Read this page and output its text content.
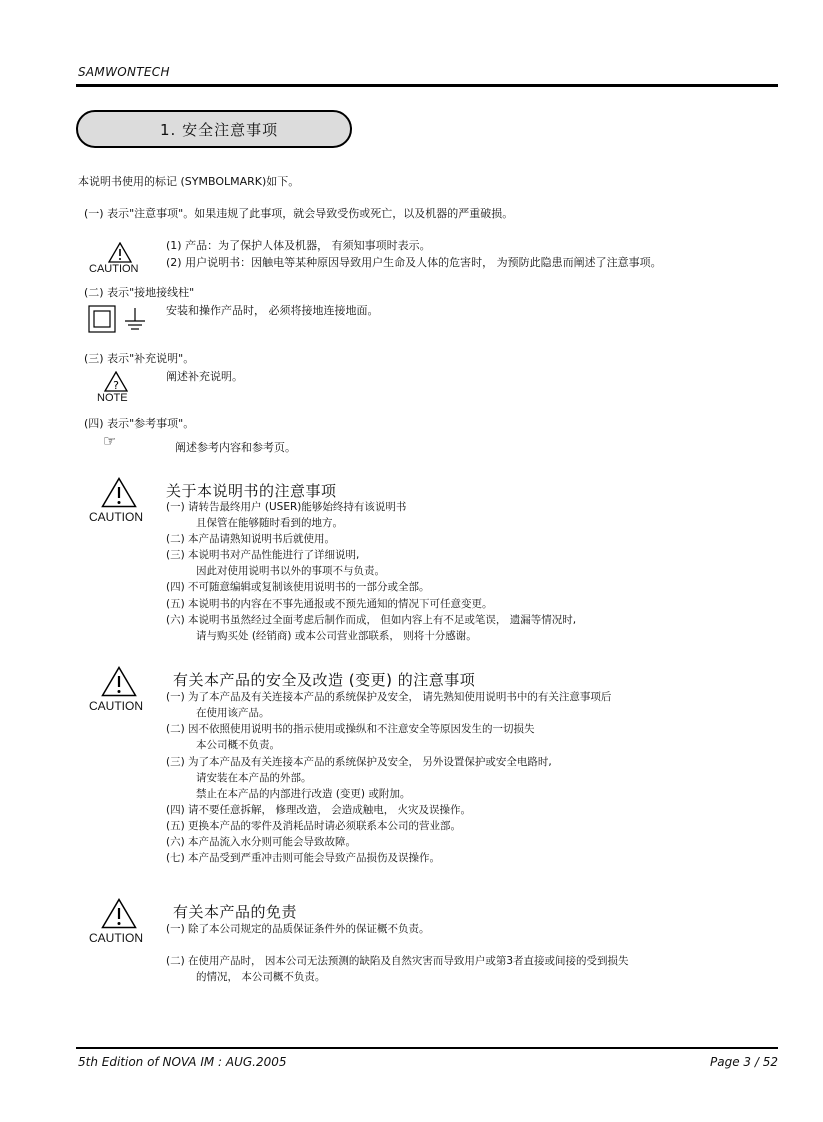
SAMWONTECH
1. 安全注意事项
本说明书使用的标记 (SYMBOLMARK)如下。
(一) 表示"注意事项"。如果违规了此事项，就会导致受伤或死亡，以及机器的严重破损。
CAUTION
(1) 产品：为了保护人体及机器， 有须知事项时表示。
(2) 用户说明书：因触电等某种原因导致用户生命及人体的危害时， 为预防此隐患而阐述了注意事项。
(二) 表示"接地接线柱"
安装和操作产品时， 必须将接地连接地面。
(三) 表示"补充说明"。
?
NOTE
阐述补充说明。
(四) 表示"参考事项"。
☞	阐述参考内容和参考页。
CAUTION
关于本说明书的注意事项
(一) 请转告最终用户 (USER)能够始终持有该说明书
且保管在能够随时看到的地方。
(二) 本产品请熟知说明书后就使用。
(三) 本说明书对产品性能进行了详细说明,
因此对使用说明书以外的事项不与负责。
(四) 不可随意编辑或复制该使用说明书的一部分或全部。
(五) 本说明书的内容在不事先通报或不预先通知的情况下可任意变更。
(六) 本说明书虽然经过全面考虑后制作而成， 但如内容上有不足或笔误， 遗漏等情况时,
请与购买处 (经销商) 或本公司营业部联系， 则将十分感谢。
CAUTION
有关本产品的安全及改造 (变更) 的注意事项
(一) 为了本产品及有关连接本产品的系统保护及安全， 请先熟知使用说明书中的有关注意事项后
在使用该产品。
(二) 因不依照使用说明书的指示使用或操纵和不注意安全等原因发生的一切损失
本公司概不负责。
(三) 为了本产品及有关连接本产品的系统保护及安全， 另外设置保护或安全电路时,
请安装在本产品的外部。
禁止在本产品的内部进行改造 (变更) 或附加。
(四) 请不要任意拆解， 修理改造， 会造成触电， 火灾及误操作。
(五) 更换本产品的零件及消耗品时请必须联系本公司的营业部。
(六) 本产品流入水分则可能会导致故障。
(七) 本产品受到严重冲击则可能会导致产品损伤及误操作。
CAUTION
有关本产品的免责
(一) 除了本公司规定的品质保证条件外的保证概不负责。
(二) 在使用产品时， 因本公司无法预测的缺陷及自然灾害而导致用户或第3者直接或间接的受到损失
的情况， 本公司概不负责。
5th Edition of NOVA IM : AUG.2005	Page 3 / 52
